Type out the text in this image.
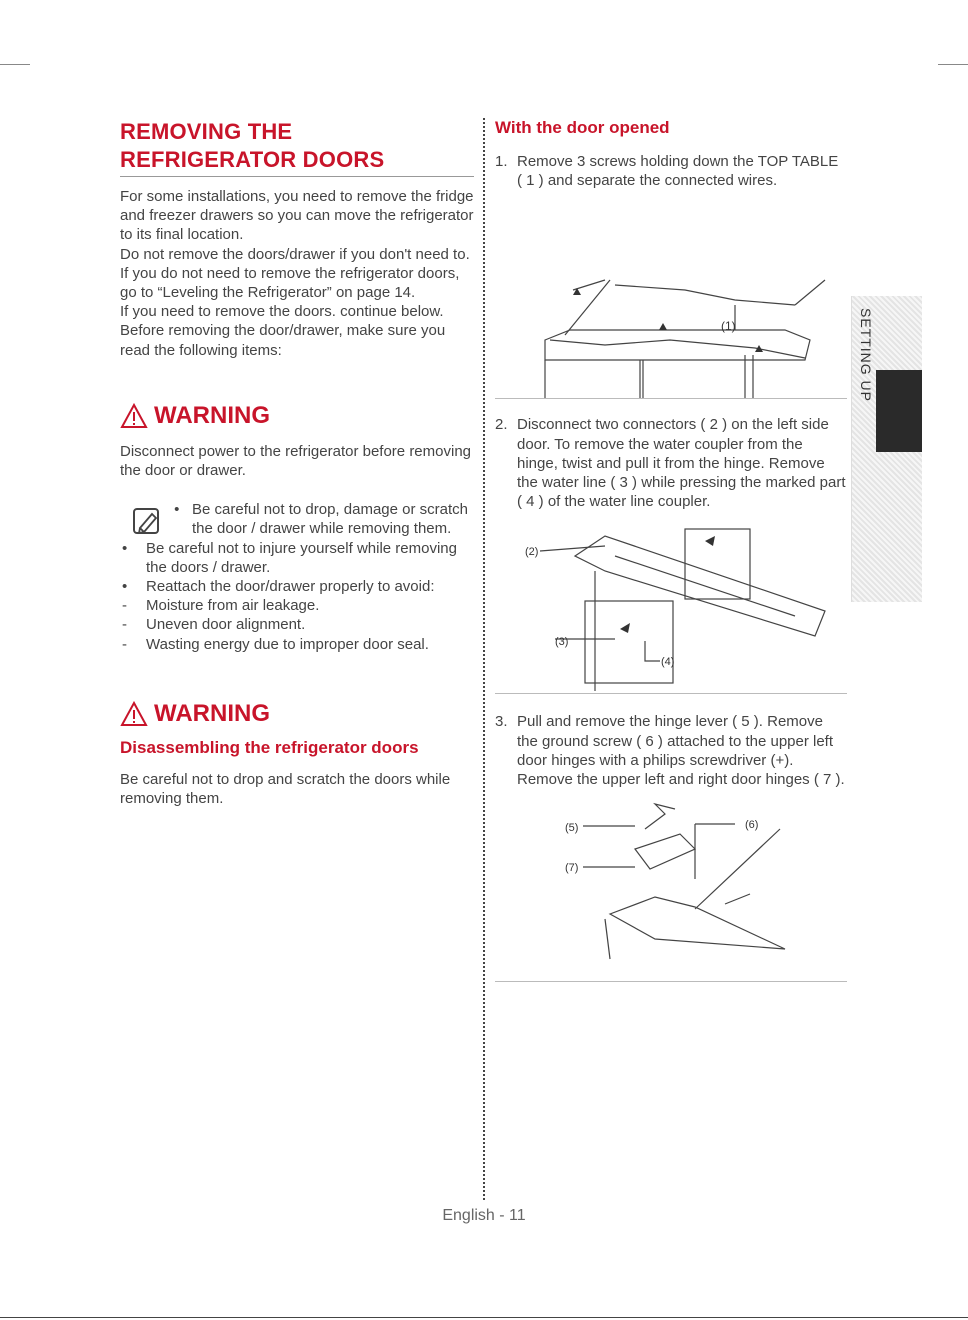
REMOVING THE REFRIGERATOR DOORS

For some installations, you need to remove the fridge and freezer drawers so you can move the refrigerator to its final location.

Do not remove the doors/drawer if you don't need to. If you do not need to remove the refrigerator doors, go to “Leveling the Refrigerator” on page 14.

If you need to remove the doors. continue below.

Before removing the door/drawer, make sure you read the following items:

WARNING

Disconnect power to the refrigerator before removing the door or drawer.

• Be careful not to drop, damage or scratch the door / drawer while removing them.
•	Be careful not to injure yourself while removing the doors / drawer.
•	Reattach the door/drawer properly to avoid:
-	Moisture from air leakage.
-	Uneven door alignment.
-	Wasting energy due to improper door seal.
WARNING
Disassembling the refrigerator doors

Be careful not to drop and scratch the doors while removing them.

With the door opened
1. Remove 3 screws holding down the TOP TABLE ( 1 ) and separate the connected wires.
(1)
2. Disconnect two connectors ( 2 ) on the left side door. To remove the water coupler from the hinge, twist and pull it from the hinge. Remove the water line ( 3 ) while pressing the marked part ( 4 ) of the water line coupler.
(2)
(3)
(4)
3. Pull and remove the hinge lever ( 5 ). Remove the ground screw ( 6 ) attached to the upper left door hinges with a philips screwdriver (+). Remove the upper left and right door hinges ( 7 ).
(5)	(6)
(7)
SETTING UP
English - 11
